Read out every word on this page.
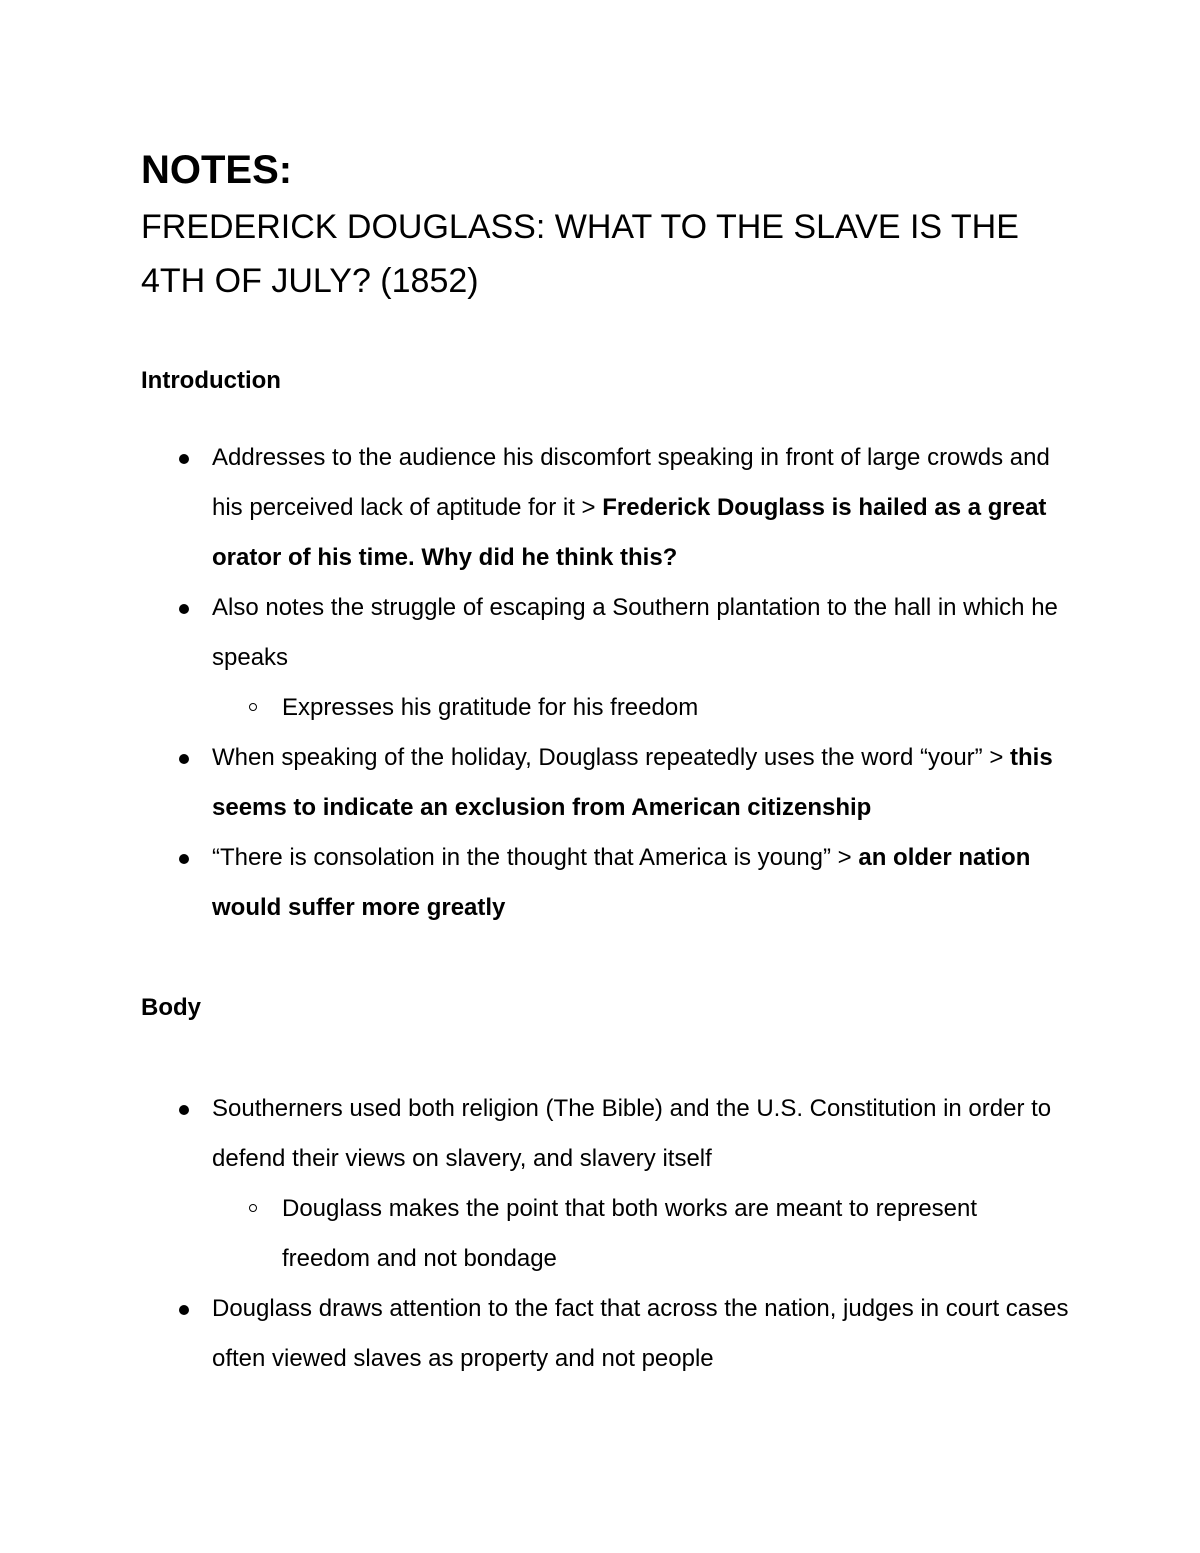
NOTES:
FREDERICK DOUGLASS: WHAT TO THE SLAVE IS THE 4TH OF JULY? (1852)
Introduction
Addresses to the audience his discomfort speaking in front of large crowds and his perceived lack of aptitude for it > Frederick Douglass is hailed as a great orator of his time. Why did he think this?
Also notes the struggle of escaping a Southern plantation to the hall in which he speaks
Expresses his gratitude for his freedom
When speaking of the holiday, Douglass repeatedly uses the word “your” > this seems to indicate an exclusion from American citizenship
“There is consolation in the thought that America is young” > an older nation would suffer more greatly
Body
Southerners used both religion (The Bible) and the U.S. Constitution in order to defend their views on slavery, and slavery itself
Douglass makes the point that both works are meant to represent freedom and not bondage
Douglass draws attention to the fact that across the nation, judges in court cases often viewed slaves as property and not people
